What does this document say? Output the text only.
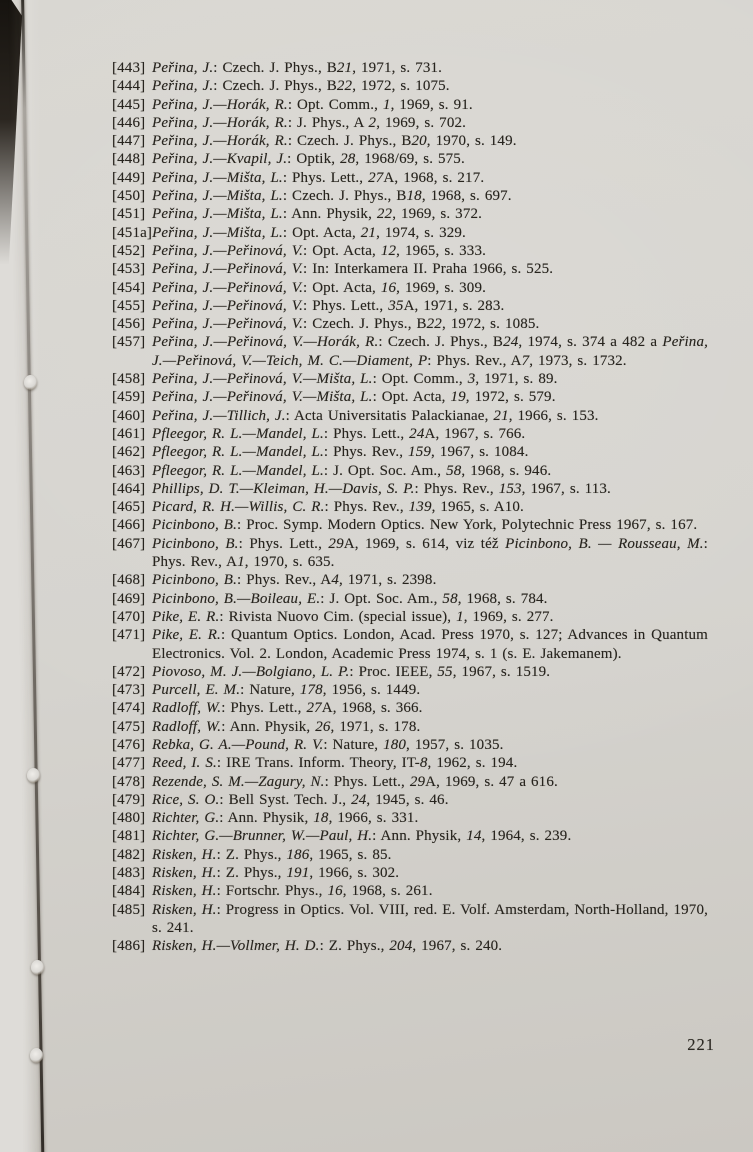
[443] Peřina, J.: Czech. J. Phys., B21, 1971, s. 731.
[444] Peřina, J.: Czech. J. Phys., B22, 1972, s. 1075.
[445] Peřina, J.—Horák, R.: Opt. Comm., 1, 1969, s. 91.
[446] Peřina, J.—Horák, R.: J. Phys., A 2, 1969, s. 702.
[447] Peřina, J.—Horák, R.: Czech. J. Phys., B20, 1970, s. 149.
[448] Peřina, J.—Kvapil, J.: Optik, 28, 1968/69, s. 575.
[449] Peřina, J.—Mišta, L.: Phys. Lett., 27A, 1968, s. 217.
[450] Peřina, J.—Mišta, L.: Czech. J. Phys., B18, 1968, s. 697.
[451] Peřina, J.—Mišta, L.: Ann. Physik, 22, 1969, s. 372.
[451a] Peřina, J.—Mišta, L.: Opt. Acta, 21, 1974, s. 329.
[452] Peřina, J.—Peřinová, V.: Opt. Acta, 12, 1965, s. 333.
[453] Peřina, J.—Peřinová, V.: In: Interkamera II. Praha 1966, s. 525.
[454] Peřina, J.—Peřinová, V.: Opt. Acta, 16, 1969, s. 309.
[455] Peřina, J.—Peřinová, V.: Phys. Lett., 35A, 1971, s. 283.
[456] Peřina, J.—Peřinová, V.: Czech. J. Phys., B22, 1972, s. 1085.
[457] Peřina, J.—Peřinová, V.—Horák, R.: Czech. J. Phys., B24, 1974, s. 374 a 482 a Peřina, J.—Peřinová, V.—Teich, M. C.—Diament, P: Phys. Rev., A7, 1973, s. 1732.
[458] Peřina, J.—Peřinová, V.—Mišta, L.: Opt. Comm., 3, 1971, s. 89.
[459] Peřina, J.—Peřinová, V.—Mišta, L.: Opt. Acta, 19, 1972, s. 579.
[460] Peřina, J.—Tillich, J.: Acta Universitatis Palackianae, 21, 1966, s. 153.
[461] Pfleegor, R. L.—Mandel, L.: Phys. Lett., 24A, 1967, s. 766.
[462] Pfleegor, R. L.—Mandel, L.: Phys. Rev., 159, 1967, s. 1084.
[463] Pfleegor, R. L.—Mandel, L.: J. Opt. Soc. Am., 58, 1968, s. 946.
[464] Phillips, D. T.—Kleiman, H.—Davis, S. P.: Phys. Rev., 153, 1967, s. 113.
[465] Picard, R. H.—Willis, C. R.: Phys. Rev., 139, 1965, s. A10.
[466] Picinbono, B.: Proc. Symp. Modern Optics. New York, Polytechnic Press 1967, s. 167.
[467] Picinbono, B.: Phys. Lett., 29A, 1969, s. 614, viz též Picinbono, B. — Rousseau, M.: Phys. Rev., A1, 1970, s. 635.
[468] Picinbono, B.: Phys. Rev., A4, 1971, s. 2398.
[469] Picinbono, B.—Boileau, E.: J. Opt. Soc. Am., 58, 1968, s. 784.
[470] Pike, E. R.: Rivista Nuovo Cim. (special issue), 1, 1969, s. 277.
[471] Pike, E. R.: Quantum Optics. London, Acad. Press 1970, s. 127; Advances in Quantum Electronics. Vol. 2. London, Academic Press 1974, s. 1 (s. E. Jakemanem).
[472] Piovoso, M. J.—Bolgiano, L. P.: Proc. IEEE, 55, 1967, s. 1519.
[473] Purcell, E. M.: Nature, 178, 1956, s. 1449.
[474] Radloff, W.: Phys. Lett., 27A, 1968, s. 366.
[475] Radloff, W.: Ann. Physik, 26, 1971, s. 178.
[476] Rebka, G. A.—Pound, R. V.: Nature, 180, 1957, s. 1035.
[477] Reed, I. S.: IRE Trans. Inform. Theory, IT-8, 1962, s. 194.
[478] Rezende, S. M.—Zagury, N.: Phys. Lett., 29A, 1969, s. 47 a 616.
[479] Rice, S. O.: Bell Syst. Tech. J., 24, 1945, s. 46.
[480] Richter, G.: Ann. Physik, 18, 1966, s. 331.
[481] Richter, G.—Brunner, W.—Paul, H.: Ann. Physik, 14, 1964, s. 239.
[482] Risken, H.: Z. Phys., 186, 1965, s. 85.
[483] Risken, H.: Z. Phys., 191, 1966, s. 302.
[484] Risken, H.: Fortschr. Phys., 16, 1968, s. 261.
[485] Risken, H.: Progress in Optics. Vol. VIII, red. E. Volf. Amsterdam, North-Holland, 1970, s. 241.
[486] Risken, H.—Vollmer, H. D.: Z. Phys., 204, 1967, s. 240.
221
